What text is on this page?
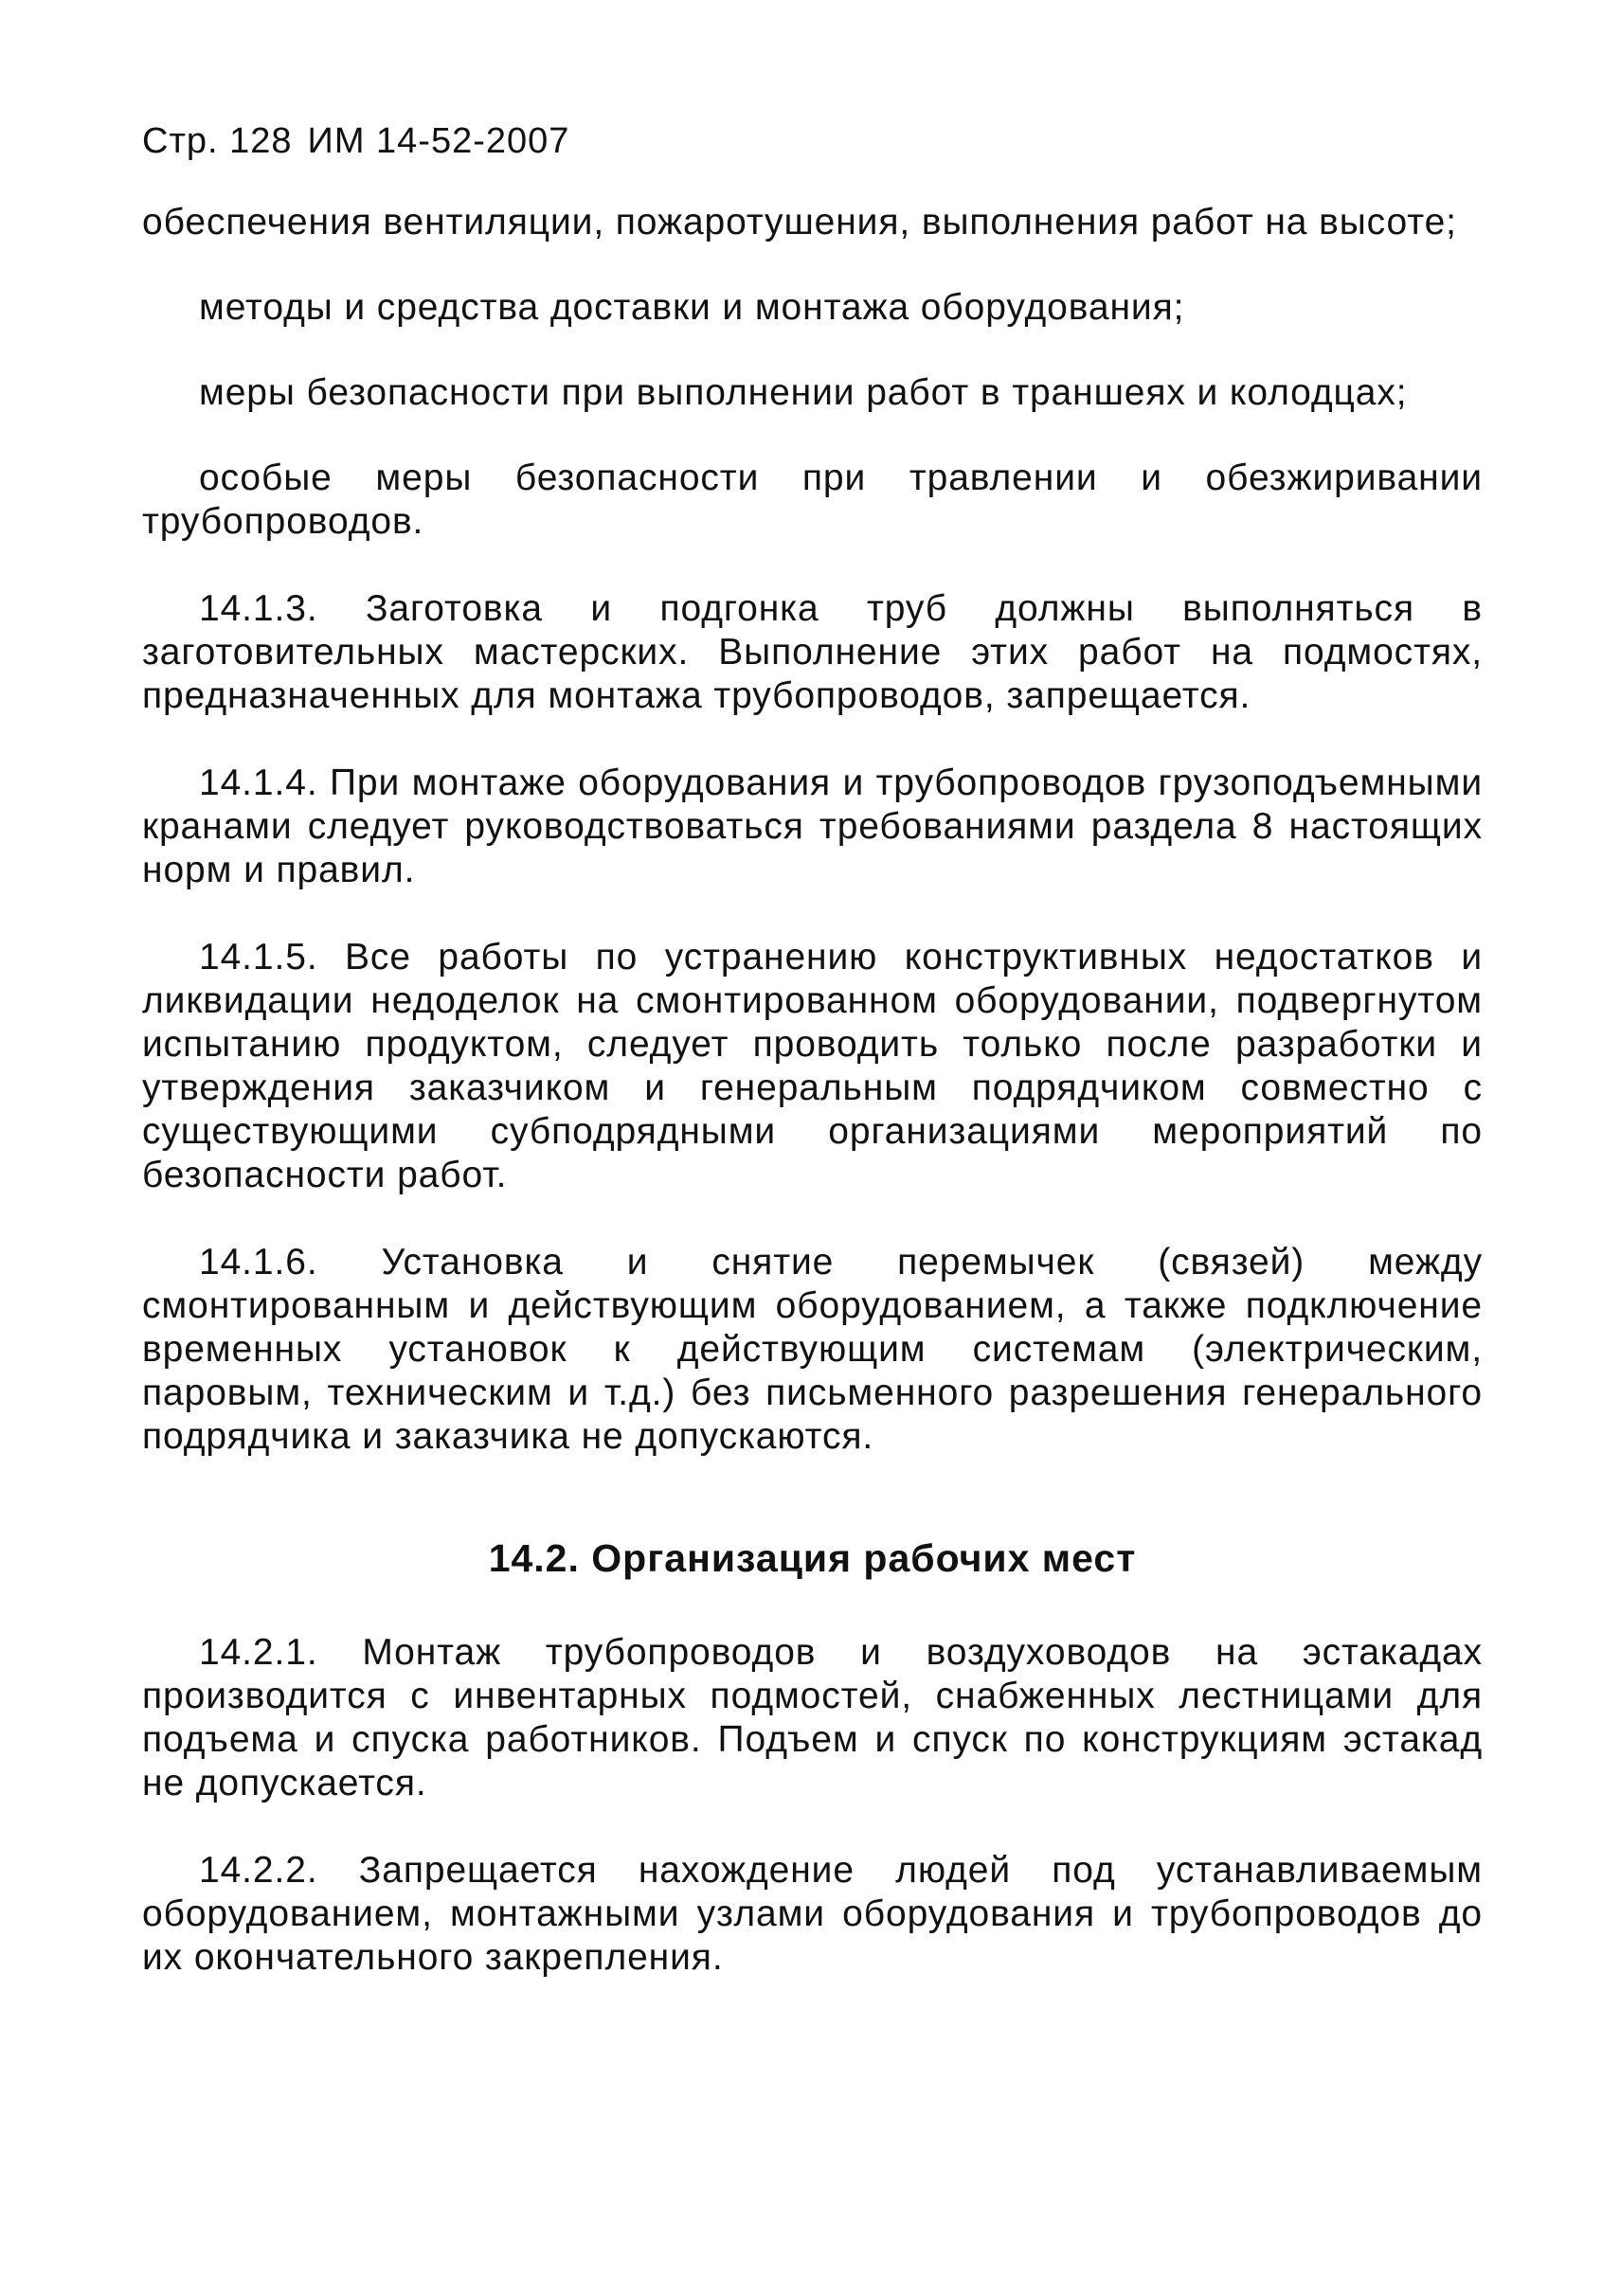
Стр. 128 ИМ 14-52-2007

обеспечения вентиляции, пожаротушения, выполнения работ на высоте;

методы и средства доставки и монтажа оборудования;

меры безопасности при выполнении работ в траншеях и колодцах;

особые меры безопасности при травлении и обезжиривании трубопроводов.

14.1.3. Заготовка и подгонка труб должны выполняться в заготовительных мастерских. Выполнение этих работ на подмостях, предназначенных для монтажа трубопроводов, запрещается.

14.1.4. При монтаже оборудования и трубопроводов грузоподъемными кранами следует руководствоваться требованиями раздела 8 настоящих норм и правил.

14.1.5. Все работы по устранению конструктивных недостатков и ликвидации недоделок на смонтированном оборудовании, подвергнутом испытанию продуктом, следует проводить только после разработки и утверждения заказчиком и генеральным подрядчиком совместно с существующими субподрядными организациями мероприятий по безопасности работ.

14.1.6. Установка и снятие перемычек (связей) между смонтированным и действующим оборудованием, а также подключение временных установок к действующим системам (электрическим, паровым, техническим и т.д.) без письменного разрешения генерального подрядчика и заказчика не допускаются.

14.2. Организация рабочих мест

14.2.1. Монтаж трубопроводов и воздуховодов на эстакадах производится с инвентарных подмостей, снабженных лестницами для подъема и спуска работников. Подъем и спуск по конструкциям эстакад не допускается.

14.2.2. Запрещается нахождение людей под устанавливаемым оборудованием, монтажными узлами оборудования и трубопроводов до их окончательного закрепления.
